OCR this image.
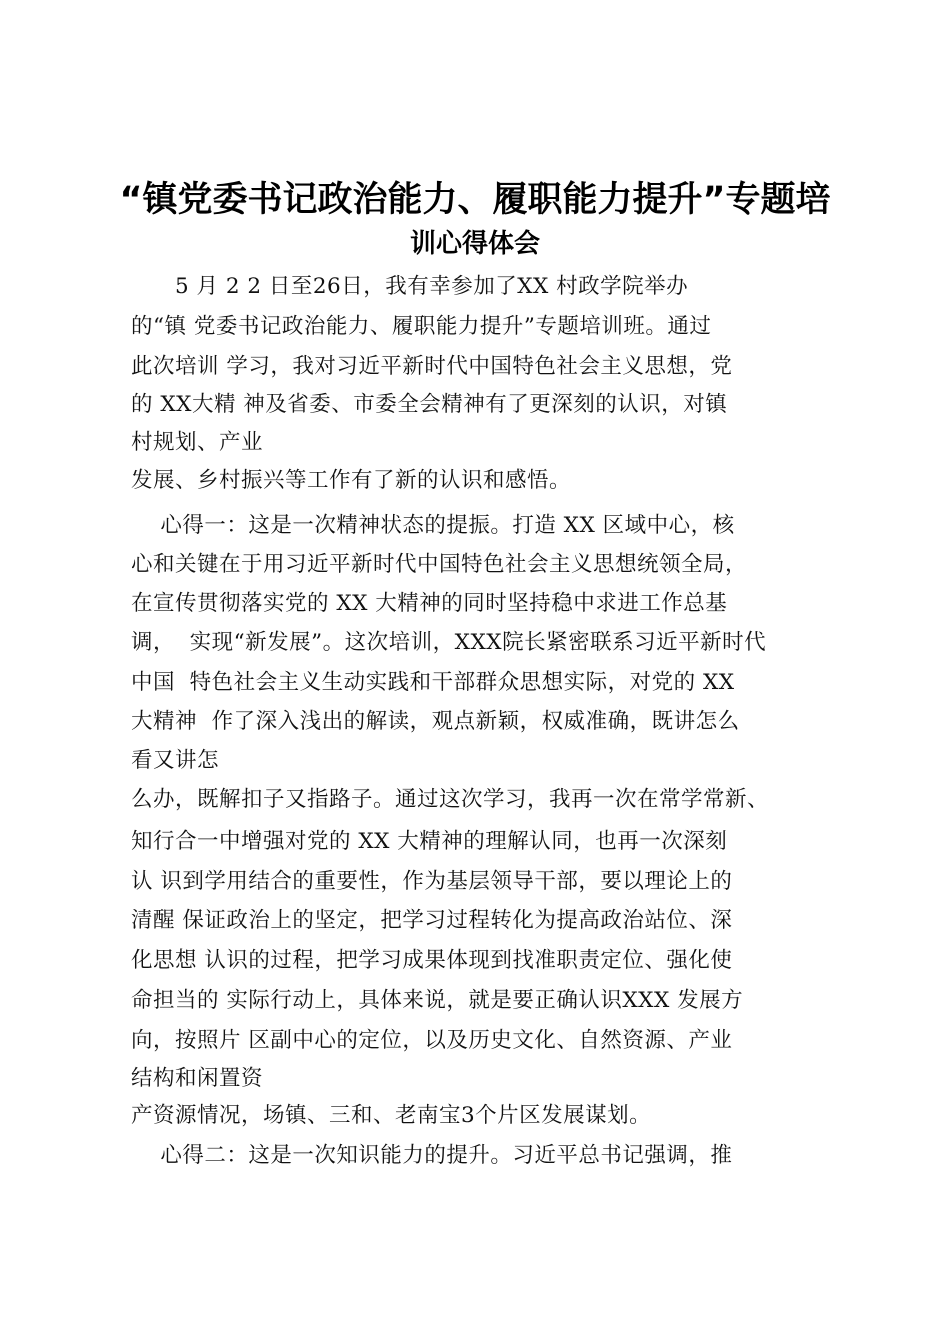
“镇党委书记政治能力、履职能力提升”专题培
训心得体会
5 月 2 2 日至26日，我有幸参加了XX 村政学院举办
的“镇 党委书记政治能力、履职能力提升”专题培训班。通过
此次培训 学习，我对习近平新时代中国特色社会主义思想，党
的 XX大精 神及省委、市委全会精神有了更深刻的认识，对镇
村规划、产业
发展、乡村振兴等工作有了新的认识和感悟。
心得一：这是一次精神状态的提振。打造 XX 区域中心，核
心和关键在于用习近平新时代中国特色社会主义思想统领全局，
在宣传贯彻落实党的 XX 大精神的同时坚持稳中求进工作总基
调，  实现“新发展”。这次培训，XXX院长紧密联系习近平新时代
中国  特色社会主义生动实践和干部群众思想实际，对党的 XX
大精神  作了深入浅出的解读，观点新颖，权威准确，既讲怎么
看又讲怎
么办，既解扣子又指路子。通过这次学习，我再一次在常学常新、
知行合一中增强对党的 XX 大精神的理解认同，也再一次深刻
认 识到学用结合的重要性，作为基层领导干部，要以理论上的
清醒 保证政治上的坚定，把学习过程转化为提高政治站位、深
化思想 认识的过程，把学习成果体现到找准职责定位、强化使
命担当的 实际行动上，具体来说，就是要正确认识XXX 发展方
向，按照片 区副中心的定位，以及历史文化、自然资源、产业
结构和闲置资
产资源情况，场镇、三和、老南宝3个片区发展谋划。
心得二：这是一次知识能力的提升。习近平总书记强调，推
